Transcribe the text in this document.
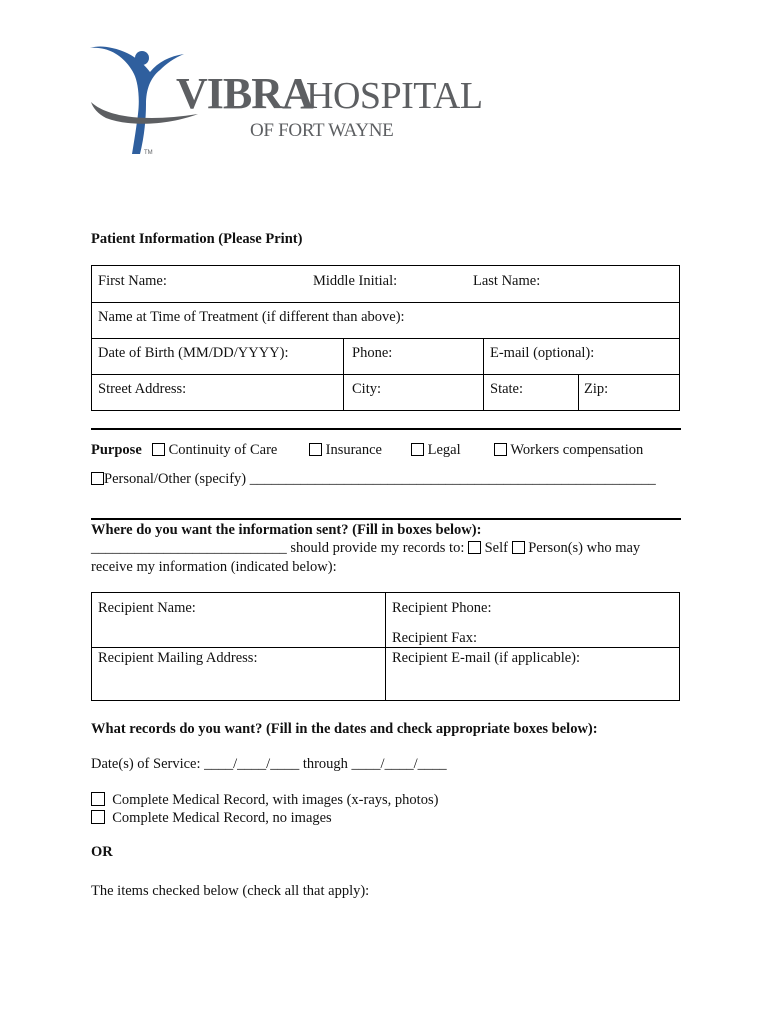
VIBRA
HOSPITAL
OF FORT WAYNE
TM
Patient Information (Please Print)
First Name:	Middle Initial:	Last Name:
Name at Time of Treatment (if different than above):
Date of Birth (MM/DD/YYYY):	Phone:	E-mail (optional):
Street Address:	City:	State:	Zip:
Purpose	Continuity of Care	Insurance	Legal	Workers compensation
Personal/Other (specify) ________________________________________________________
Where do you want the information sent? (Fill in boxes below):
___________________________ should provide my records to: Self Person(s) who may
receive my information (indicated below):
Recipient Name:	Recipient Phone:
Recipient Fax:
Recipient Mailing Address:	Recipient E-mail (if applicable):
What records do you want? (Fill in the dates and check appropriate boxes below):
Date(s) of Service: ____/____/____ through ____/____/____
Complete Medical Record, with images (x-rays, photos)
Complete Medical Record, no images
OR
The items checked below (check all that apply):
